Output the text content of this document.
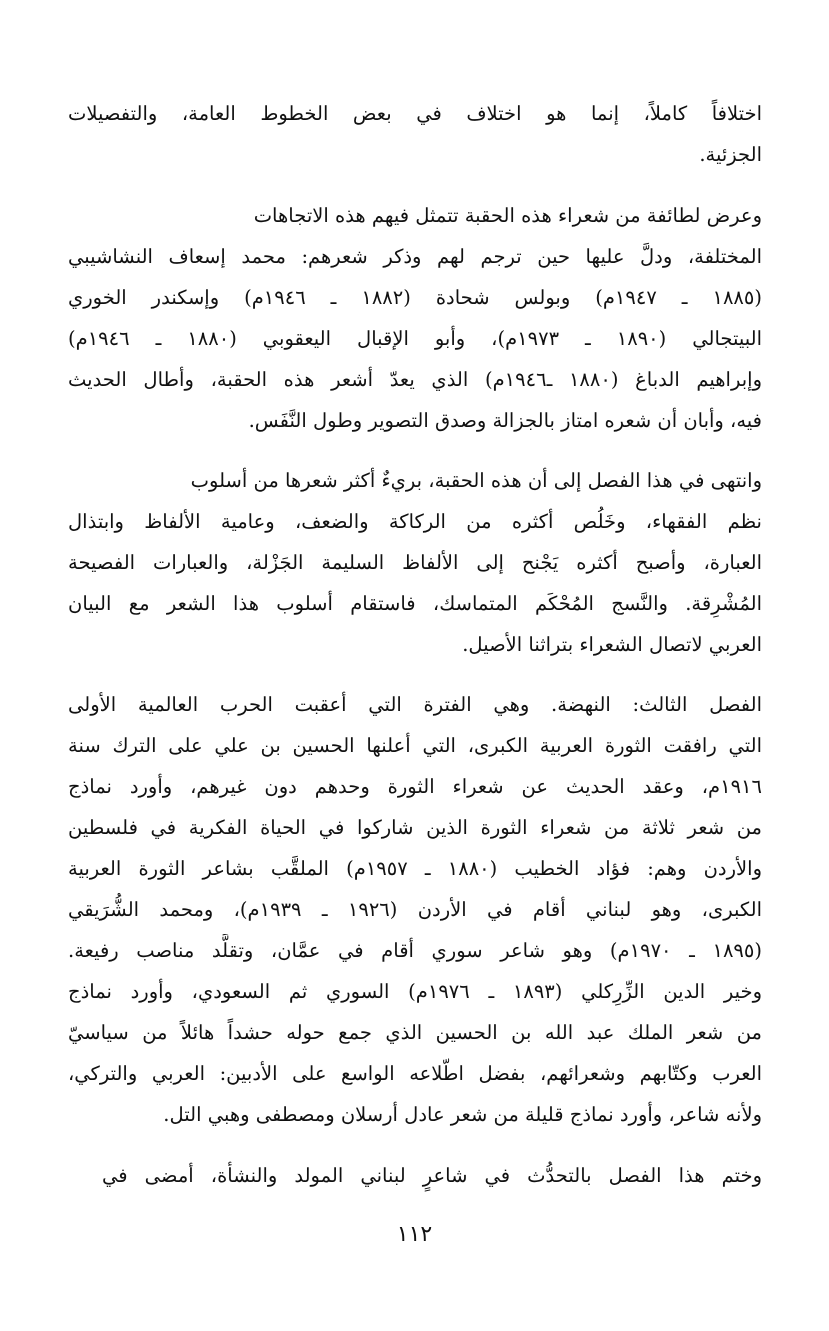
اختلافاً كاملاً، إنما هو اختلاف في بعض الخطوط العامة، والتفصيلات
الجزئية.
وعرض لطائفة من شعراء هذه الحقبة تتمثل فيهم هذه الاتجاهات
المختلفة، ودلَّ عليها حين ترجم لهم وذكر شعرهم: محمد إسعاف النشاشيبي
(١٨٨٥ ـ ١٩٤٧م) وبولس شحادة (١٨٨٢ ـ ١٩٤٦م) وإسكندر الخوري
البيتجالي (١٨٩٠ ـ ١٩٧٣م)، وأبو الإقبال اليعقوبي (١٨٨٠ ـ ١٩٤٦م)
وإبراهيم الدباغ (١٨٨٠ ـ١٩٤٦م) الذي يعدّ أشعر هذه الحقبة، وأطال الحديث
فيه، وأبان أن شعره امتاز بالجزالة وصدق التصوير وطول النَّفَس.
وانتهى في هذا الفصل إلى أن هذه الحقبة، بريءٌ أكثر شعرها من أسلوب
نظم الفقهاء، وخَلُص أكثره من الركاكة والضعف، وعامية الألفاظ وابتذال
العبارة، وأصبح أكثره يَجْنح إلى الألفاظ السليمة الجَزْلة، والعبارات الفصيحة
المُشْرِقة. والنَّسج المُحْكَم المتماسك، فاستقام أسلوب هذا الشعر مع البيان
العربي لاتصال الشعراء بتراثنا الأصيل.
الفصل الثالث: النهضة. وهي الفترة التي أعقبت الحرب العالمية الأولى
التي رافقت الثورة العربية الكبرى، التي أعلنها الحسين بن علي على الترك سنة
١٩١٦م، وعقد الحديث عن شعراء الثورة وحدهم دون غيرهم، وأورد نماذج
من شعر ثلاثة من شعراء الثورة الذين شاركوا في الحياة الفكرية في فلسطين
والأردن وهم: فؤاد الخطيب (١٨٨٠ ـ ١٩٥٧م) الملقَّب بشاعر الثورة العربية
الكبرى، وهو لبناني أقام في الأردن (١٩٢٦ ـ ١٩٣٩م)، ومحمد الشُّرَيقي
(١٨٩٥ ـ ١٩٧٠م) وهو شاعر سوري أقام في عمَّان، وتقلَّد مناصب رفيعة.
وخير الدين الزِّرِكلي (١٨٩٣ ـ ١٩٧٦م) السوري ثم السعودي، وأورد نماذج
من شعر الملك عبد الله بن الحسين الذي جمع حوله حشداً هائلاً من سياسيّ
العرب وكتّابهم وشعرائهم، بفضل اطّلاعه الواسع على الأدبين: العربي والتركي،
ولأنه شاعر، وأورد نماذج قليلة من شعر عادل أرسلان ومصطفى وهبي التل.
وختم هذا الفصل بالتحدُّث في شاعرٍ لبناني المولد والنشأة، أمضى في
١١٢
